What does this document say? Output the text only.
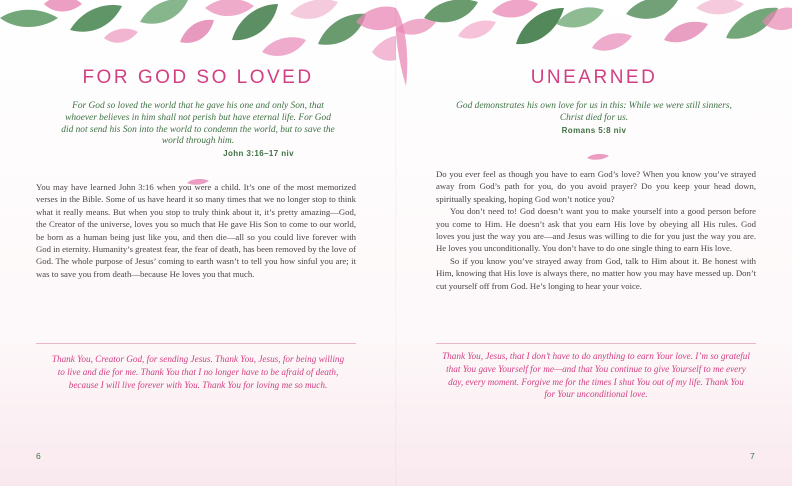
FOR GOD SO LOVED
For God so loved the world that he gave his one and only Son, that whoever believes in him shall not perish but have eternal life. For God did not send his Son into the world to condemn the world, but to save the world through him.
John 3:16–17 niv

You may have learned John 3:16 when you were a child. It’s one of the most memorized verses in the Bible. Some of us have heard it so many times that we no longer stop to think what it really means. But when you stop to truly think about it, it’s pretty amazing—God, the Creator of the universe, loves you so much that He gave His Son to come to our world, be born as a human being just like you, and then die—all so you could live forever with God in eternity. Humanity’s greatest fear, the fear of death, has been removed by the love of God. The whole purpose of Jesus’ coming to earth wasn’t to tell you how sinful you are; it was to save you from death—because He loves you that much.

Thank You, Creator God, for sending Jesus. Thank You, Jesus, for being willing to live and die for me. Thank You that I no longer have to be afraid of death, because I will live forever with You. Thank You for loving me so much.
6
UNEARNED
God demonstrates his own love for us in this: While we were still sinners, Christ died for us.
Romans 5:8 niv

Do you ever feel as though you have to earn God’s love? When you know you’ve strayed away from God’s path for you, do you avoid prayer? Do you keep your head down, spiritually speaking, hoping God won’t notice you?

You don’t need to! God doesn’t want you to make yourself into a good person before you come to Him. He doesn’t ask that you earn His love by obeying all His rules. God loves you just the way you are—and Jesus was willing to die for you just the way you are. He loves you unconditionally. You don’t have to do one single thing to earn His love.

So if you know you’ve strayed away from God, talk to Him about it. Be honest with Him, knowing that His love is always there, no matter how you may have messed up. Don’t cut yourself off from God. He’s longing to hear your voice.

Thank You, Jesus, that I don’t have to do anything to earn Your love. I’m so grateful that You gave Yourself for me—and that You continue to give Yourself to me every day, every moment. Forgive me for the times I shut You out of my life. Thank You for Your unconditional love.
7
